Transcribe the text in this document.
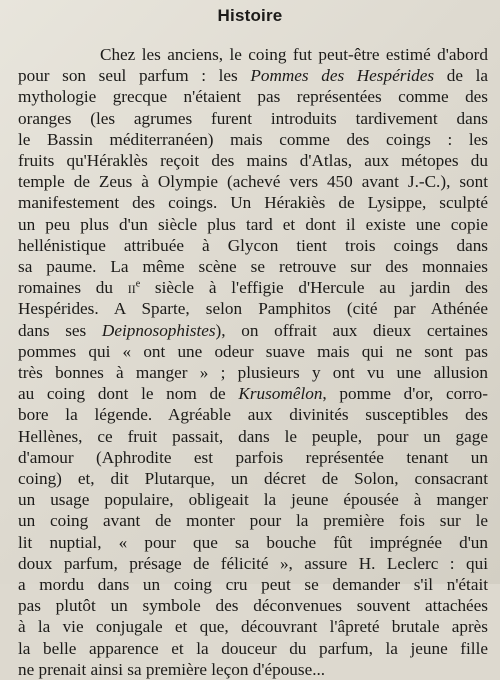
Histoire
Chez les anciens, le coing fut peut-être estimé d'abord
pour son seul parfum : les Pommes des Hespérides de la
mythologie grecque n'étaient pas représentées comme des
oranges (les agrumes furent introduits tardivement dans
le Bassin méditerranéen) mais comme des coings : les
fruits qu'Héraklès reçoit des mains d'Atlas, aux métopes du
temple de Zeus à Olympie (achevé vers 450 avant J.-C.), sont
manifestement des coings. Un Hérakiès de Lysippe, sculpté
un peu plus d'un siècle plus tard et dont il existe une copie
hellénistique attribuée à Glycon tient trois coings dans
sa paume. La même scène se retrouve sur des monnaies
romaines du $ii^e$ siècle à l'effigie d'Hercule au jardin des
Hespérides. A Sparte, selon Pamphitos (cité par Athénée
dans ses Deipnosophistes), on offrait aux dieux certaines
pommes qui « ont une odeur suave mais qui ne sont pas
très bonnes à manger » ; plusieurs y ont vu une allusion
au coing dont le nom de Krusomêlon, pomme d'or, corro-
bore la légende. Agréable aux divinités susceptibles des
Hellènes, ce fruit passait, dans le peuple, pour un gage
d'amour (Aphrodite est parfois représentée tenant un
coing) et, dit Plutarque, un décret de Solon, consacrant
un usage populaire, obligeait la jeune épousée à manger
un coing avant de monter pour la première fois sur le
lit nuptial, « pour que sa bouche fût imprégnée d'un
doux parfum, présage de félicité », assure H. Leclerc : qui
a mordu dans un coing cru peut se demander s'il n'était
pas plutôt un symbole des déconvenues souvent attachées
à la vie conjugale et que, découvrant l'âpreté brutale après
la belle apparence et la douceur du parfum, la jeune fille
ne prenait ainsi sa première leçon d'épouse...
